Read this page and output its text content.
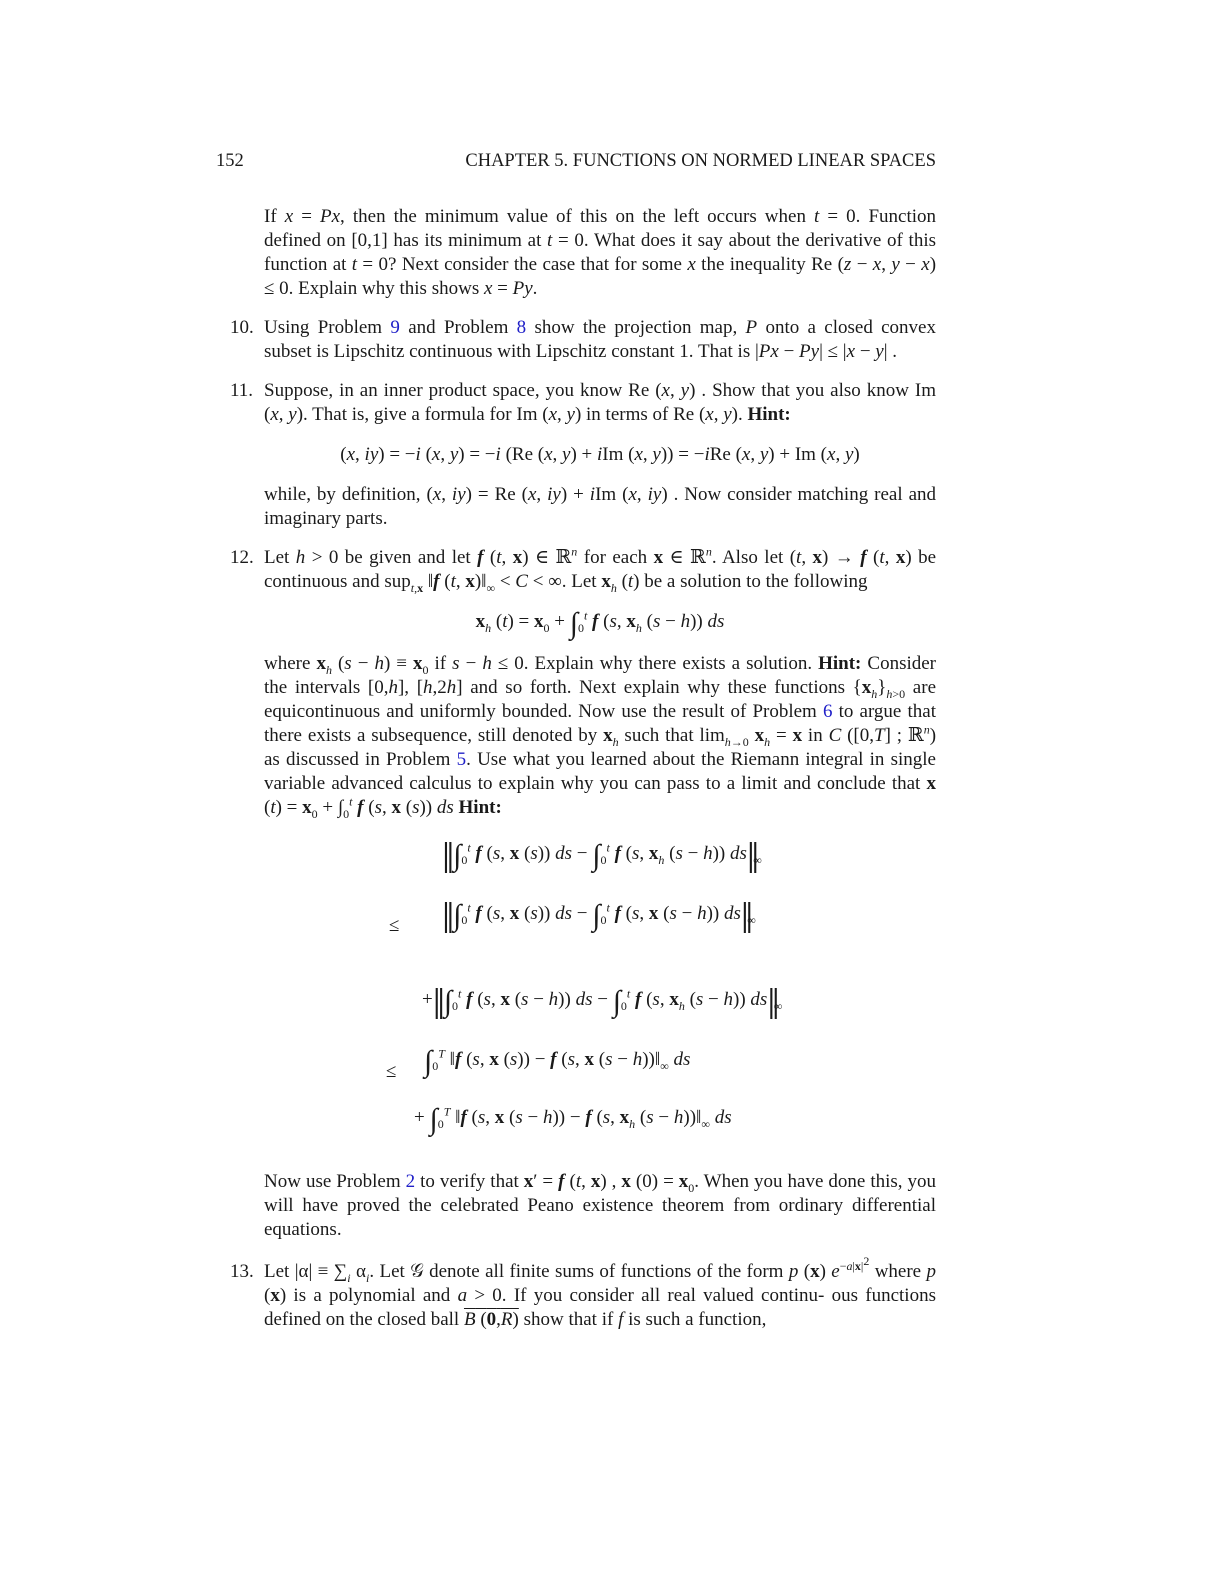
152	CHAPTER 5. FUNCTIONS ON NORMED LINEAR SPACES
If x = Px, then the minimum value of this on the left occurs when t = 0. Function defined on [0,1] has its minimum at t = 0. What does it say about the derivative of this function at t = 0? Next consider the case that for some x the inequality Re (z − x, y − x) ≤ 0. Explain why this shows x = Py.
10. Using Problem 9 and Problem 8 show the projection map, P onto a closed convex subset is Lipschitz continuous with Lipschitz constant 1. That is |Px − Py| ≤ |x − y| .
11. Suppose, in an inner product space, you know Re (x, y) . Show that you also know Im (x, y). That is, give a formula for Im (x, y) in terms of Re (x, y). Hint:
(x, iy) = −i (x, y) = −i (Re (x, y) + iIm (x, y)) = −iRe (x, y) + Im (x, y)
while, by definition, (x, iy) = Re (x, iy) + iIm (x, iy) . Now consider matching real and imaginary parts.
12. Let h > 0 be given and let f (t, x) ∈ ℝ$^n$ for each x ∈ ℝ$^n$. Also let (t, x) → f (t, x) be continuous and sup$_{t,x}$ ‖f (t, $x)‖_\infty < C$ < ∞. Let $x_h$ (t) be a solution to the following
$x_h$ $(t) = x_0 + \int_0^t$ f (s, $x_h$ (s − h)) ds
where $x_h$ $(s - h) \equiv x_0$ if s − h ≤ 0. Explain why there exists a solution. Hint: Consider the intervals [0,h], [h,2h] and so forth. Next explain why these functions $\{x_h\}_{h>0}$ are equicontinuous and uniformly bounded. Now use the result of Problem 6 to argue that there exists a subsequence, still denoted by $x_h$ such that $\lim_{h\to 0} x_h = x$ in C ([0,T] ; ℝ$^n$) as discussed in Problem 5. Use what you learned about the Riemann integral in single variable advanced calculus to explain why you can pass to a limit and conclude that x $(t) = x_0 + \int_0^t$ f (s, x (s)) ds Hint:
‖ $\int_0^t$ f (s, x (s)) ds − $\int_0^t$ f (s, $x_h$ (s − h)) $ds‖_\infty$
≤ ‖ $\int_0^t$ f (s, x (s)) ds − $\int_0^t$ f (s, x (s − h)) $ds‖_\infty$
+‖ $\int_0^t$ f (s, x (s − h)) ds − $\int_0^t$ f (s, $x_h$ (s − h)) $ds‖_\infty$
≤ $\int_0^T$ ‖f (s, x (s)) − f (s, x $(s - h))‖_\infty$ ds
+ $\int_0^T$ ‖f (s, x (s − h)) − f (s, $x_h$ $(s - h))‖_\infty$ ds
Now use Problem 2 to verify that x′ = f (t, x) , x $(0) = x_0$. When you have done this, you will have proved the celebrated Peano existence theorem from ordinary differential equations.
13. Let $|\alpha| \equiv \sum_i$ $\alpha_i$. Let 𝒢 denote all finite sums of functions of the form p (x) $e^{-a|x|^2}$ where p (x) is a polynomial and a > 0. If you consider all real valued continu- ous functions defined on the closed ball B (0,R) show that if f is such a function,
